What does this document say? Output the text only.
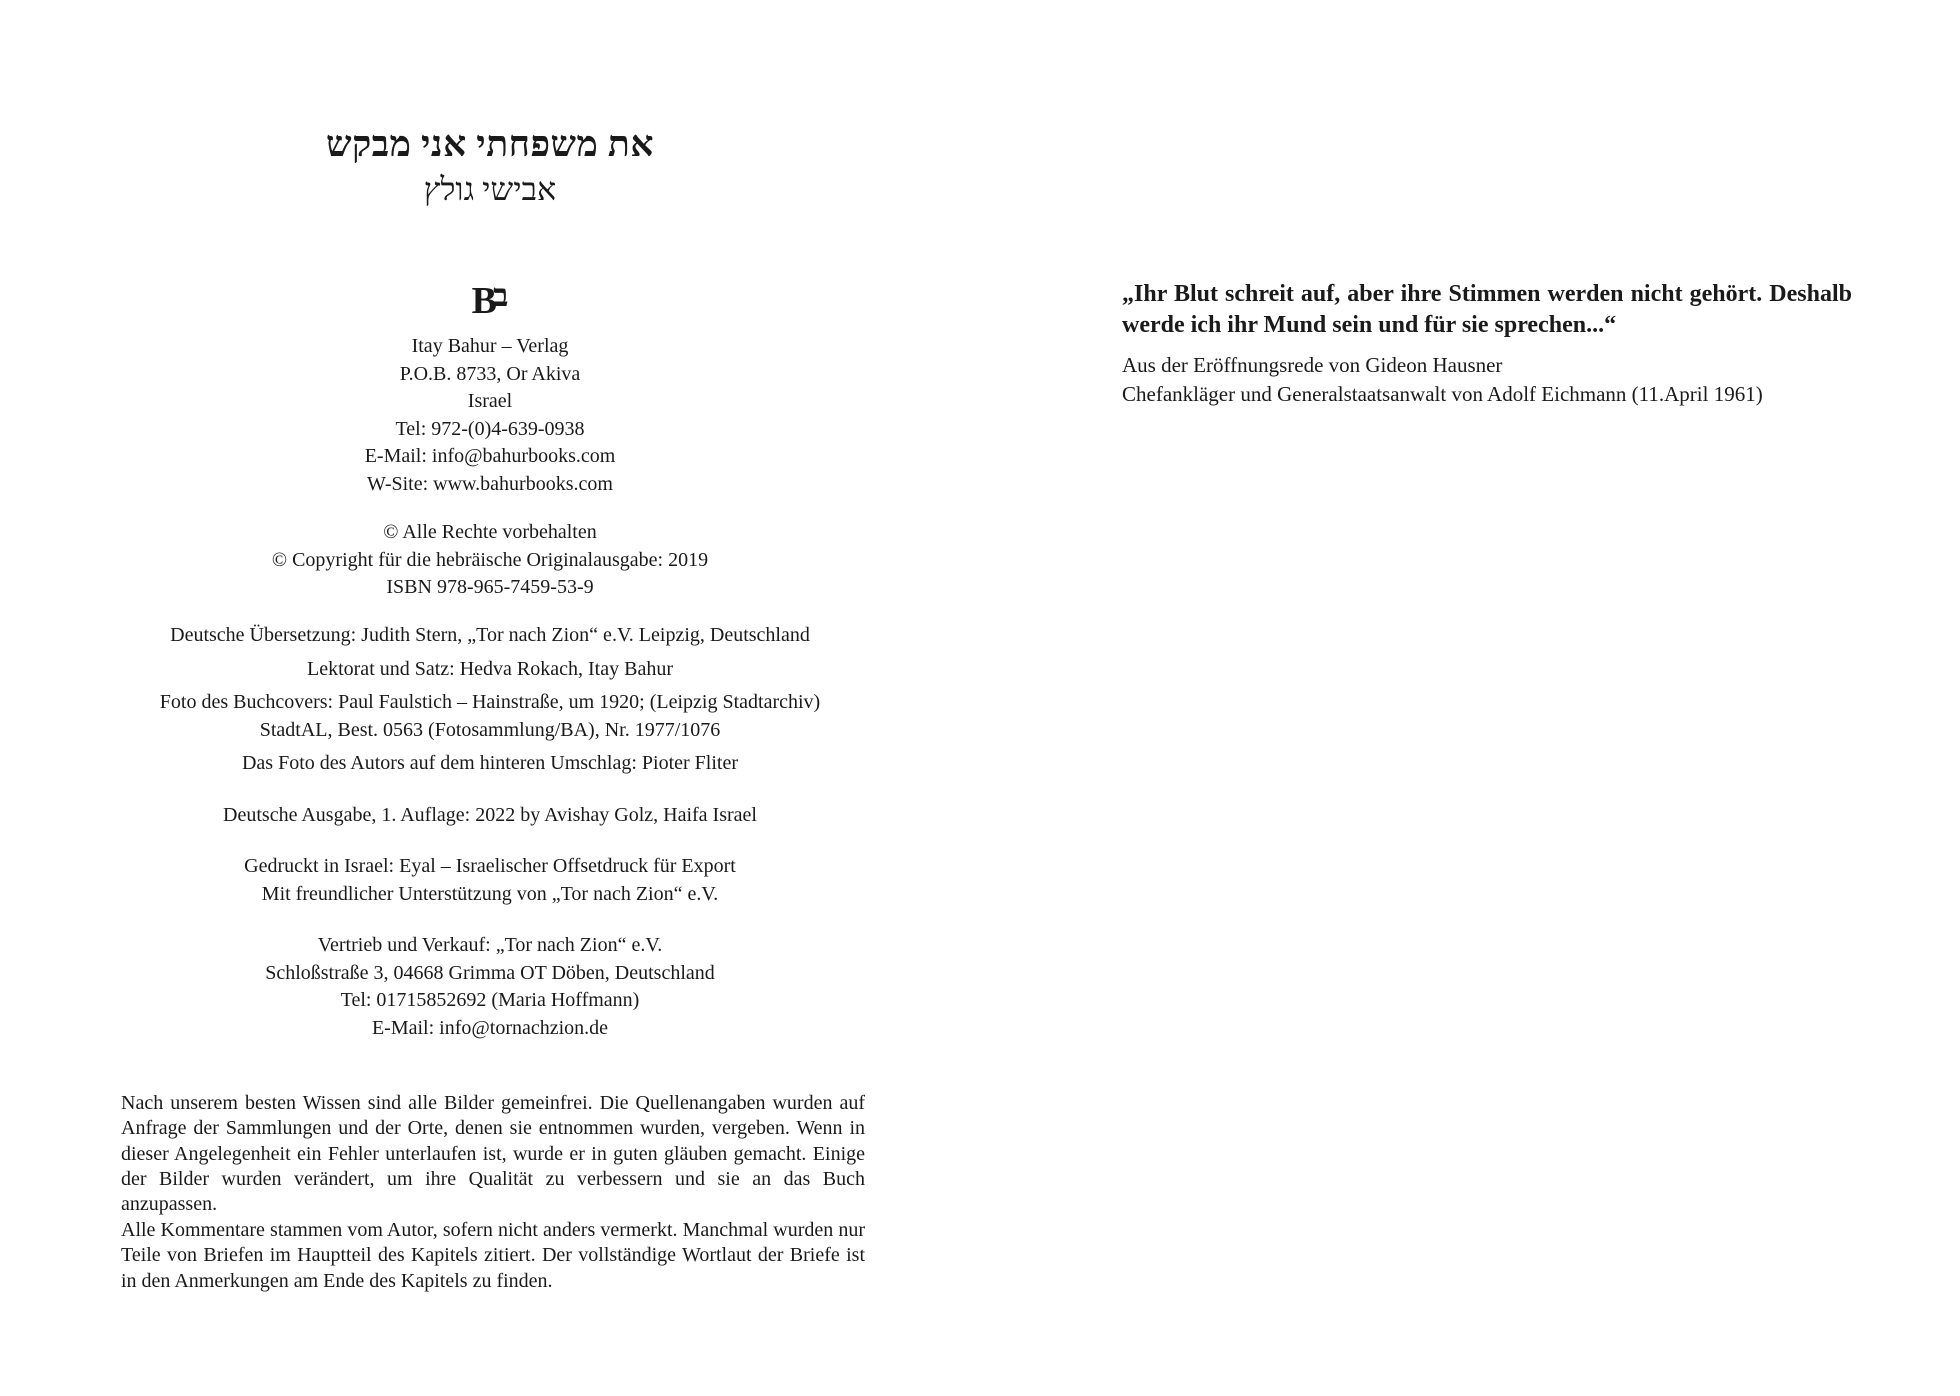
את משפחתי אני מבקש
אבישי גולץ
Bב
Itay Bahur – Verlag
P.O.B. 8733, Or Akiva
Israel
Tel: 972-(0)4-639-0938
E-Mail: info@bahurbooks.com
W-Site: www.bahurbooks.com
© Alle Rechte vorbehalten
© Copyright für die hebräische Originalausgabe: 2019
ISBN 978-965-7459-53-9
Deutsche Übersetzung: Judith Stern, „Tor nach Zion“ e.V. Leipzig, Deutschland
Lektorat und Satz: Hedva Rokach, Itay Bahur
Foto des Buchcovers: Paul Faulstich – Hainstraße, um 1920; (Leipzig Stadtarchiv)
StadtAL, Best. 0563 (Fotosammlung/BA), Nr. 1977/1076
Das Foto des Autors auf dem hinteren Umschlag: Pioter Fliter
Deutsche Ausgabe, 1. Auflage: 2022 by Avishay Golz, Haifa Israel
Gedruckt in Israel: Eyal – Israelischer Offsetdruck für Export
Mit freundlicher Unterstützung von „Tor nach Zion“ e.V.
Vertrieb und Verkauf: „Tor nach Zion“ e.V.
Schloßstraße 3, 04668 Grimma OT Döben, Deutschland
Tel: 01715852692 (Maria Hoffmann)
E-Mail: info@tornachzion.de

Nach unserem besten Wissen sind alle Bilder gemeinfrei. Die Quellenangaben wurden auf Anfrage der Sammlungen und der Orte, denen sie entnommen wurden, vergeben. Wenn in dieser Angelegenheit ein Fehler unterlaufen ist, wurde er in guten gläuben gemacht. Einige der Bilder wurden verändert, um ihre Qualität zu verbessern und sie an das Buch anzupassen.

Alle Kommentare stammen vom Autor, sofern nicht anders vermerkt. Manchmal wurden nur Teile von Briefen im Hauptteil des Kapitels zitiert. Der vollständige Wortlaut der Briefe ist in den Anmerkungen am Ende des Kapitels zu finden.

„Ihr Blut schreit auf, aber ihre Stimmen werden nicht gehört. Deshalb werde ich ihr Mund sein und für sie sprechen...“

Aus der Eröffnungsrede von Gideon Hausner
Chefankläger und Generalstaatsanwalt von Adolf Eichmann (11.April 1961)
